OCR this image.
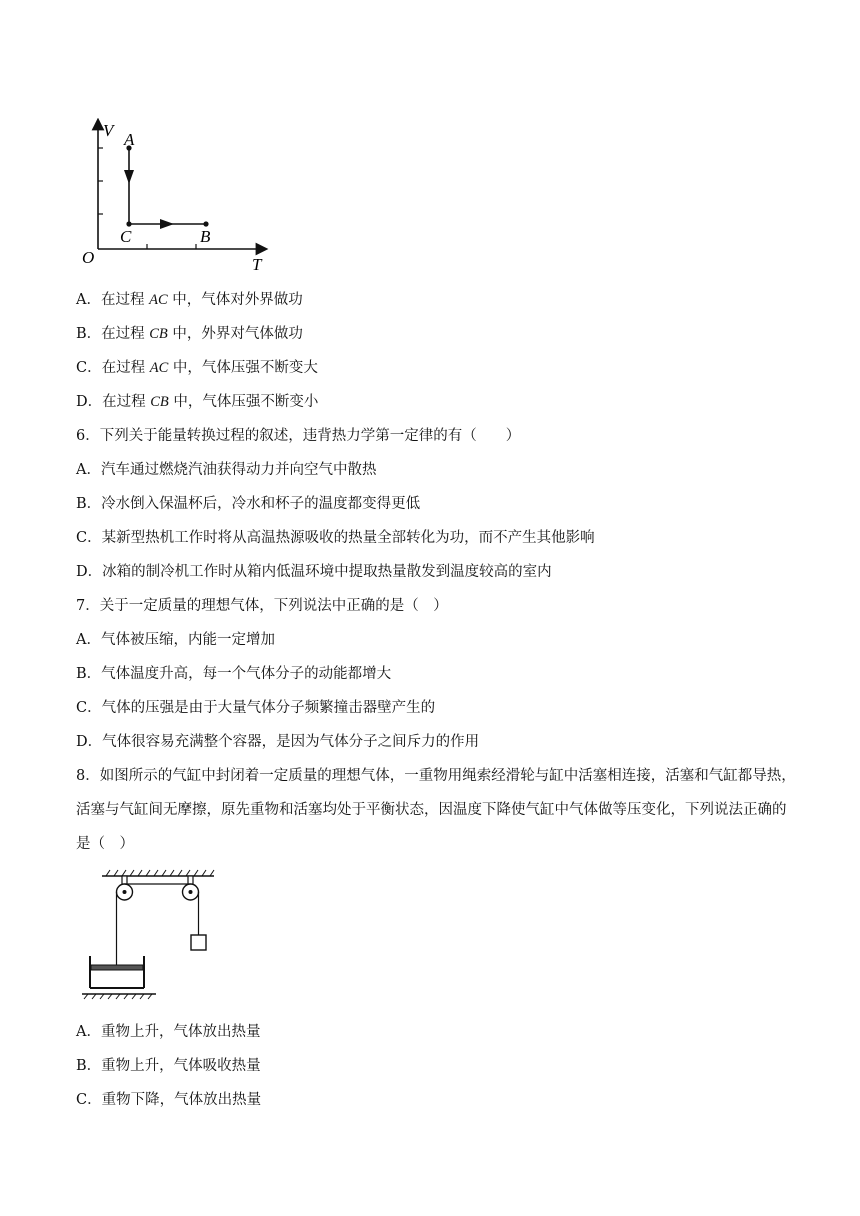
V A
C	B
O	T
A．在过程 AC 中，气体对外界做功
B．在过程 CB 中，外界对气体做功
C．在过程 AC 中，气体压强不断变大
D．在过程 CB 中，气体压强不断变小
6．下列关于能量转换过程的叙述，违背热力学第一定律的有（　　）
A．汽车通过燃烧汽油获得动力并向空气中散热
B．冷水倒入保温杯后，冷水和杯子的温度都变得更低
C．某新型热机工作时将从高温热源吸收的热量全部转化为功，而不产生其他影响
D．冰箱的制冷机工作时从箱内低温环境中提取热量散发到温度较高的室内
7．关于一定质量的理想气体，下列说法中正确的是（　）
A．气体被压缩，内能一定增加
B．气体温度升高，每一个气体分子的动能都增大
C．气体的压强是由于大量气体分子频繁撞击器壁产生的
D．气体很容易充满整个容器，是因为气体分子之间斥力的作用
8．如图所示的气缸中封闭着一定质量的理想气体，一重物用绳索经滑轮与缸中活塞相连接，活塞和气缸都导热，活塞与气缸间无摩擦，原先重物和活塞均处于平衡状态，因温度下降使气缸中气体做等压变化，下列说法正确的是（　）
A．重物上升，气体放出热量
B．重物上升，气体吸收热量
C．重物下降，气体放出热量
